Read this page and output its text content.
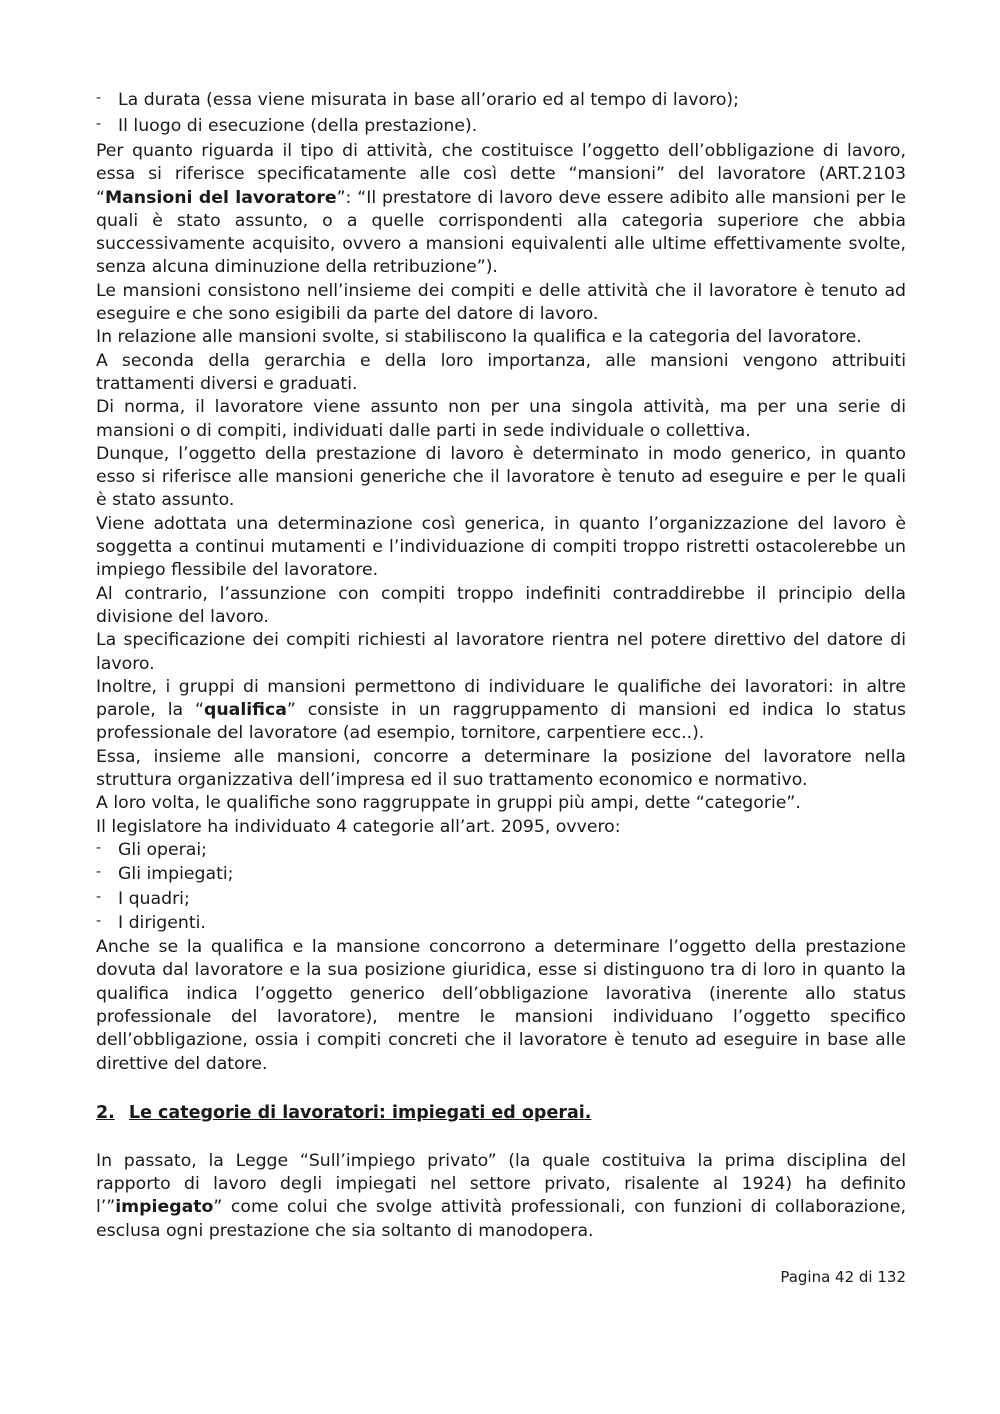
- La durata (essa viene misurata in base all’orario ed al tempo di lavoro);
- Il luogo di esecuzione (della prestazione).

Per quanto riguarda il tipo di attività, che costituisce l’oggetto dell’obbligazione di lavoro, essa si riferisce specificatamente alle così dette “mansioni” del lavoratore (ART.2103 “Mansioni del lavoratore”: “Il prestatore di lavoro deve essere adibito alle mansioni per le quali è stato assunto, o a quelle corrispondenti alla categoria superiore che abbia successivamente acquisito, ovvero a mansioni equivalenti alle ultime effettivamente svolte, senza alcuna diminuzione della retribuzione”).

Le mansioni consistono nell’insieme dei compiti e delle attività che il lavoratore è tenuto ad eseguire e che sono esigibili da parte del datore di lavoro.

In relazione alle mansioni svolte, si stabiliscono la qualifica e la categoria del lavoratore.

A seconda della gerarchia e della loro importanza, alle mansioni vengono attribuiti trattamenti diversi e graduati.

Di norma, il lavoratore viene assunto non per una singola attività, ma per una serie di mansioni o di compiti, individuati dalle parti in sede individuale o collettiva.

Dunque, l’oggetto della prestazione di lavoro è determinato in modo generico, in quanto esso si riferisce alle mansioni generiche che il lavoratore è tenuto ad eseguire e per le quali è stato assunto.

Viene adottata una determinazione così generica, in quanto l’organizzazione del lavoro è soggetta a continui mutamenti e l’individuazione di compiti troppo ristretti ostacolerebbe un impiego flessibile del lavoratore.

Al contrario, l’assunzione con compiti troppo indefiniti contraddirebbe il principio della divisione del lavoro.

La specificazione dei compiti richiesti al lavoratore rientra nel potere direttivo del datore di lavoro.

Inoltre, i gruppi di mansioni permettono di individuare le qualifiche dei lavoratori: in altre parole, la “qualifica” consiste in un raggruppamento di mansioni ed indica lo status professionale del lavoratore (ad esempio, tornitore, carpentiere ecc..).

Essa, insieme alle mansioni, concorre a determinare la posizione del lavoratore nella struttura organizzativa dell’impresa ed il suo trattamento economico e normativo.

A loro volta, le qualifiche sono raggruppate in gruppi più ampi, dette “categorie”.

Il legislatore ha individuato 4 categorie all’art. 2095, ovvero:

- Gli operai;
- Gli impiegati;
- I quadri;
- I dirigenti.

Anche se la qualifica e la mansione concorrono a determinare l’oggetto della prestazione dovuta dal lavoratore e la sua posizione giuridica, esse si distinguono tra di loro in quanto la qualifica indica l’oggetto generico dell’obbligazione lavorativa (inerente allo status professionale del lavoratore), mentre le mansioni individuano l’oggetto specifico dell’obbligazione, ossia i compiti concreti che il lavoratore è tenuto ad eseguire in base alle direttive del datore.

2. Le categorie di lavoratori: impiegati ed operai.

In passato, la Legge “Sull’impiego privato” (la quale costituiva la prima disciplina del rapporto di lavoro degli impiegati nel settore privato, risalente al 1924) ha definito l’”impiegato” come colui che svolge attività professionali, con funzioni di collaborazione, esclusa ogni prestazione che sia soltanto di manodopera.

Pagina 42 di 132
